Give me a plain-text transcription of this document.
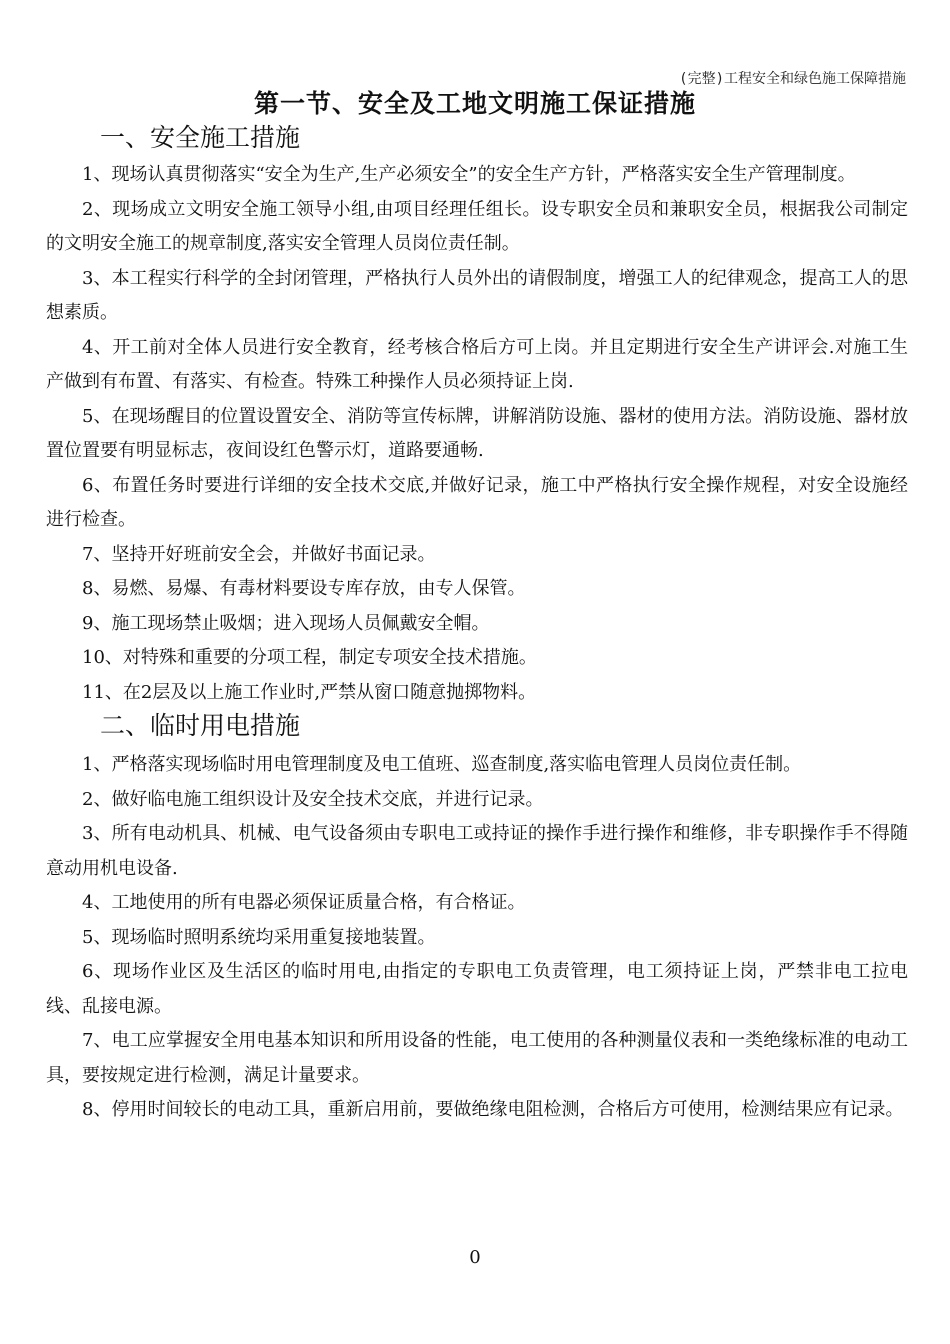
(完整)工程安全和绿色施工保障措施
第一节、安全及工地文明施工保证措施
一、安全施工措施

1、现场认真贯彻落实“安全为生产,生产必须安全”的安全生产方针，严格落实安全生产管理制度。

2、现场成立文明安全施工领导小组,由项目经理任组长。设专职安全员和兼职安全员，根据我公司制定的文明安全施工的规章制度,落实安全管理人员岗位责任制。

3、本工程实行科学的全封闭管理，严格执行人员外出的请假制度，增强工人的纪律观念，提高工人的思想素质。

4、开工前对全体人员进行安全教育，经考核合格后方可上岗。并且定期进行安全生产讲评会.对施工生产做到有布置、有落实、有检查。特殊工种操作人员必须持证上岗.

5、在现场醒目的位置设置安全、消防等宣传标牌，讲解消防设施、器材的使用方法。消防设施、器材放置位置要有明显标志，夜间设红色警示灯，道路要通畅.

6、布置任务时要进行详细的安全技术交底,并做好记录，施工中严格执行安全操作规程，对安全设施经进行检查。

7、坚持开好班前安全会，并做好书面记录。

8、易燃、易爆、有毒材料要设专库存放，由专人保管。

9、施工现场禁止吸烟；进入现场人员佩戴安全帽。

10、对特殊和重要的分项工程，制定专项安全技术措施。

11、在2层及以上施工作业时,严禁从窗口随意抛掷物料。

二、临时用电措施

1、严格落实现场临时用电管理制度及电工值班、巡查制度,落实临电管理人员岗位责任制。

2、做好临电施工组织设计及安全技术交底，并进行记录。

3、所有电动机具、机械、电气设备须由专职电工或持证的操作手进行操作和维修，非专职操作手不得随意动用机电设备.

4、工地使用的所有电器必须保证质量合格，有合格证。

5、现场临时照明系统均采用重复接地装置。

6、现场作业区及生活区的临时用电,由指定的专职电工负责管理，电工须持证上岗，严禁非电工拉电线、乱接电源。

7、电工应掌握安全用电基本知识和所用设备的性能，电工使用的各种测量仪表和一类绝缘标准的电动工具，要按规定进行检测，满足计量要求。

8、停用时间较长的电动工具，重新启用前，要做绝缘电阻检测，合格后方可使用，检测结果应有记录。

0
